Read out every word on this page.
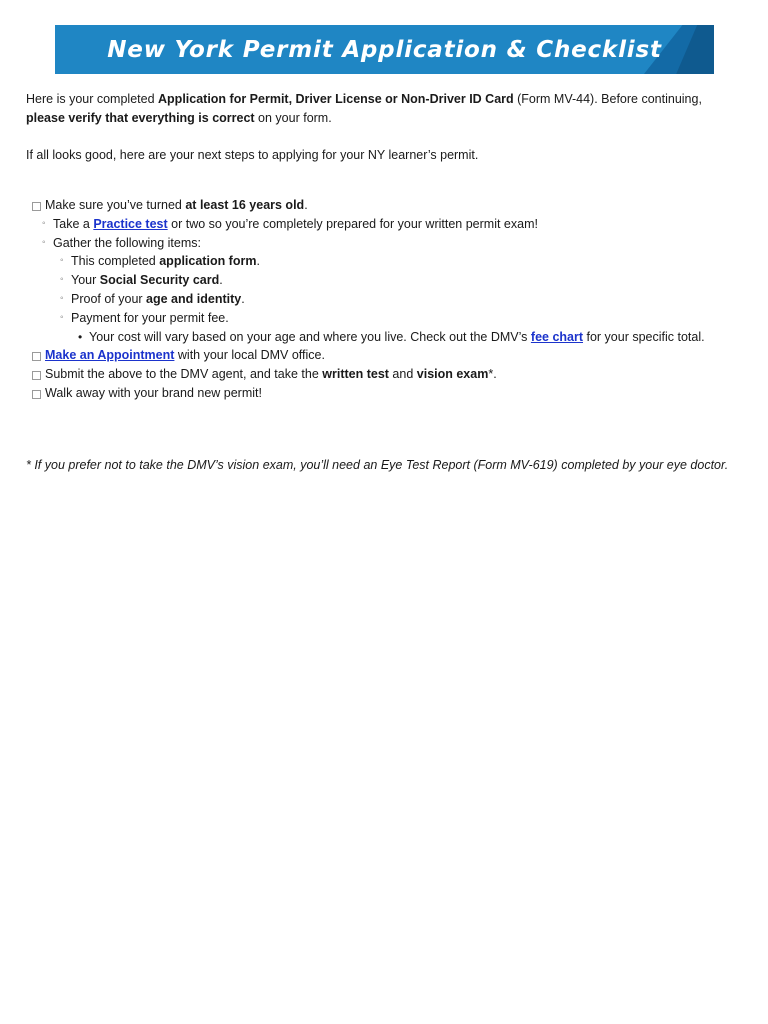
New York Permit Application & Checklist

Here is your completed Application for Permit, Driver License or Non-Driver ID Card (Form MV-44). Before continuing, please verify that everything is correct on your form.

If all looks good, here are your next steps to applying for your NY learner’s permit.

Make sure you’ve turned at least 16 years old.
◦ Take a Practice test or two so you’re completely prepared for your written permit exam!
◦ Gather the following items:
◦ This completed application form.
◦ Your Social Security card.
◦ Proof of your age and identity.
◦ Payment for your permit fee.
• Your cost will vary based on your age and where you live. Check out the DMV’s fee chart for your specific total.
Make an Appointment with your local DMV office.
Submit the above to the DMV agent, and take the written test and vision exam*.
Walk away with your brand new permit!

* If you prefer not to take the DMV’s vision exam, you’ll need an Eye Test Report (Form MV-619) completed by your eye doctor.
